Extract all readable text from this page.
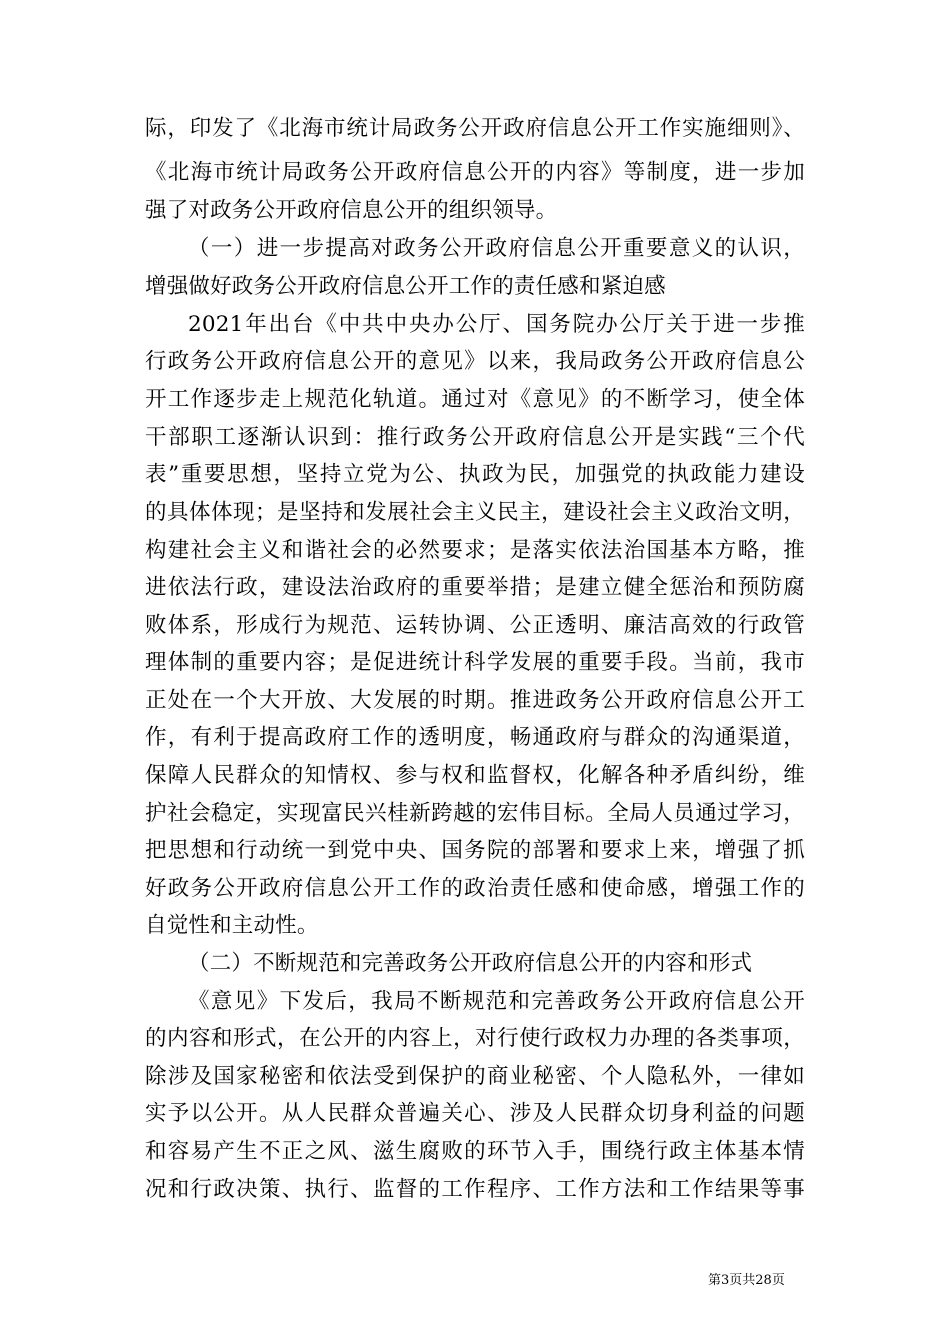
际，印发了《北海市统计局政务公开政府信息公开工作实施细则》、
《北海市统计局政务公开政府信息公开的内容》等制度，进一步加
强了对政务公开政府信息公开的组织领导。
（一）进一步提高对政务公开政府信息公开重要意义的认识，
增强做好政务公开政府信息公开工作的责任感和紧迫感
2021年出台《中共中央办公厅、国务院办公厅关于进一步推
行政务公开政府信息公开的意见》以来，我局政务公开政府信息公
开工作逐步走上规范化轨道。通过对《意见》的不断学习，使全体
干部职工逐渐认识到：推行政务公开政府信息公开是实践“三个代
表”重要思想，坚持立党为公、执政为民，加强党的执政能力建设
的具体体现；是坚持和发展社会主义民主，建设社会主义政治文明，
构建社会主义和谐社会的必然要求；是落实依法治国基本方略，推
进依法行政，建设法治政府的重要举措；是建立健全惩治和预防腐
败体系，形成行为规范、运转协调、公正透明、廉洁高效的行政管
理体制的重要内容；是促进统计科学发展的重要手段。当前，我市
正处在一个大开放、大发展的时期。推进政务公开政府信息公开工
作，有利于提高政府工作的透明度，畅通政府与群众的沟通渠道，
保障人民群众的知情权、参与权和监督权，化解各种矛盾纠纷，维
护社会稳定，实现富民兴桂新跨越的宏伟目标。全局人员通过学习，
把思想和行动统一到党中央、国务院的部署和要求上来，增强了抓
好政务公开政府信息公开工作的政治责任感和使命感，增强工作的
自觉性和主动性。
（二）不断规范和完善政务公开政府信息公开的内容和形式
《意见》下发后，我局不断规范和完善政务公开政府信息公开
的内容和形式，在公开的内容上，对行使行政权力办理的各类事项，
除涉及国家秘密和依法受到保护的商业秘密、个人隐私外，一律如
实予以公开。从人民群众普遍关心、涉及人民群众切身利益的问题
和容易产生不正之风、滋生腐败的环节入手，围绕行政主体基本情
况和行政决策、执行、监督的工作程序、工作方法和工作结果等事
第3页共28页
